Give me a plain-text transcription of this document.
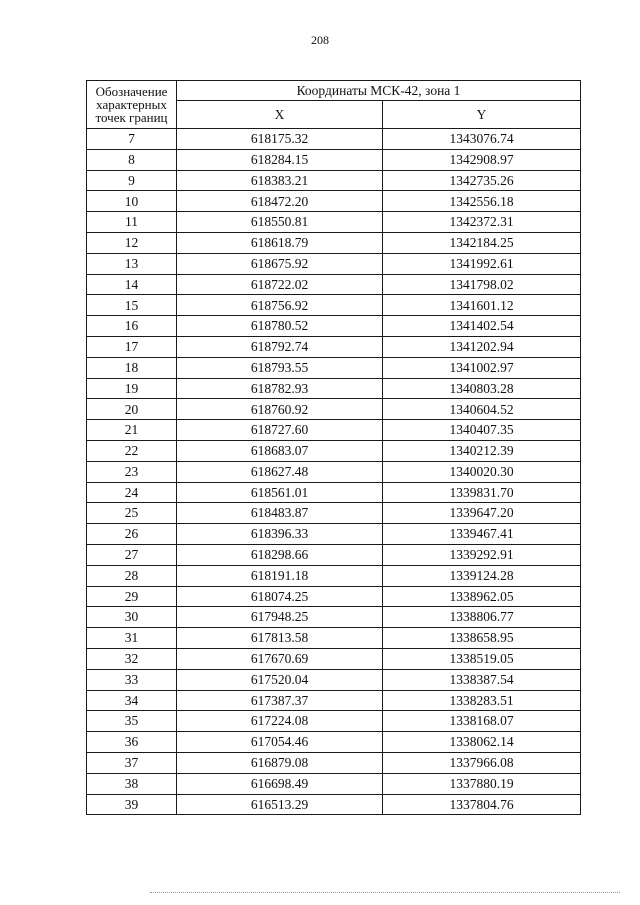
208
Обозначение характерных точек границ	Координаты МСК-42, зона 1	
	X	Y
7	618175.32	1343076.74
8	618284.15	1342908.97
9	618383.21	1342735.26
10	618472.20	1342556.18
11	618550.81	1342372.31
12	618618.79	1342184.25
13	618675.92	1341992.61
14	618722.02	1341798.02
15	618756.92	1341601.12
16	618780.52	1341402.54
17	618792.74	1341202.94
18	618793.55	1341002.97
19	618782.93	1340803.28
20	618760.92	1340604.52
21	618727.60	1340407.35
22	618683.07	1340212.39
23	618627.48	1340020.30
24	618561.01	1339831.70
25	618483.87	1339647.20
26	618396.33	1339467.41
27	618298.66	1339292.91
28	618191.18	1339124.28
29	618074.25	1338962.05
30	617948.25	1338806.77
31	617813.58	1338658.95
32	617670.69	1338519.05
33	617520.04	1338387.54
34	617387.37	1338283.51
35	617224.08	1338168.07
36	617054.46	1338062.14
37	616879.08	1337966.08
38	616698.49	1337880.19
39	616513.29	1337804.76
